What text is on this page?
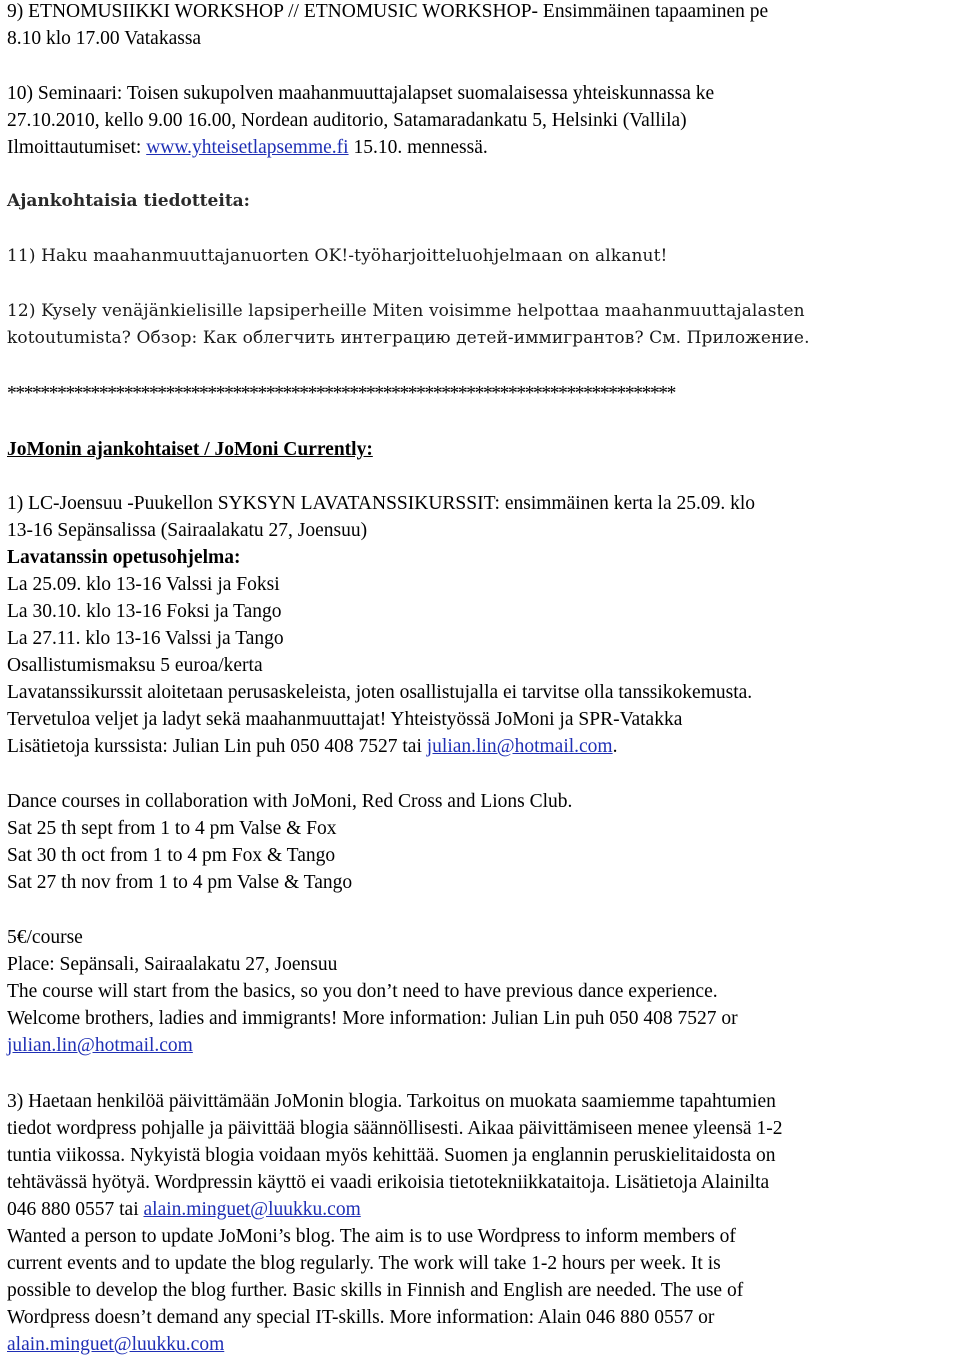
9) ETNOMUSIIKKI WORKSHOP // ETNOMUSIC WORKSHOP- Ensimmäinen tapaaminen pe
8.10 klo 17.00 Vatakassa
10) Seminaari: Toisen sukupolven maahanmuuttajalapset suomalaisessa yhteiskunnassa ke
27.10.2010, kello 9.00 16.00, Nordean auditorio, Satamaradankatu 5, Helsinki (Vallila)
Ilmoittautumiset: www.yhteisetlapsemme.fi 15.10. mennessä.
Ajankohtaisia tiedotteita:
11) Haku maahanmuuttajanuorten OK!-työharjoitteluohjelmaan on alkanut!
12) Kysely venäjänkielisille lapsiperheille Miten voisimme helpottaa maahanmuuttajalasten
kotoutumista? Обзор: Как облегчить интеграцию детей-иммигрантов? См. Приложение.
********************************************************************************
JoMonin ajankohtaiset / JoMoni Currently:
1) LC-Joensuu -Puukellon SYKSYN LAVATANSSIKURSSIT: ensimmäinen kerta la 25.09. klo
13-16 Sepänsalissa (Sairaalakatu 27, Joensuu)
Lavatanssin opetusohjelma:
La 25.09. klo 13-16 Valssi ja Foksi
La 30.10. klo 13-16 Foksi ja Tango
La 27.11. klo 13-16 Valssi ja Tango
Osallistumismaksu 5 euroa/kerta
Lavatanssikurssit aloitetaan perusaskeleista, joten osallistujalla ei tarvitse olla tanssikokemusta.
Tervetuloa veljet ja ladyt sekä maahanmuuttajat! Yhteistyössä JoMoni ja SPR-Vatakka
Lisätietoja kurssista: Julian Lin puh 050 408 7527 tai julian.lin@hotmail.com.
Dance courses in collaboration with JoMoni, Red Cross and Lions Club.
Sat 25 th sept from 1 to 4 pm Valse & Fox
Sat 30 th oct from 1 to 4 pm Fox & Tango
Sat 27 th nov from 1 to 4 pm Valse & Tango
5€/course
Place: Sepänsali, Sairaalakatu 27, Joensuu
The course will start from the basics, so you don’t need to have previous dance experience.
Welcome brothers, ladies and immigrants! More information: Julian Lin puh 050 408 7527 or
julian.lin@hotmail.com
3) Haetaan henkilöä päivittämään JoMonin blogia. Tarkoitus on muokata saamiemme tapahtumien
tiedot wordpress pohjalle ja päivittää blogia säännöllisesti. Aikaa päivittämiseen menee yleensä 1-2
tuntia viikossa. Nykyistä blogia voidaan myös kehittää. Suomen ja englannin peruskielitaidosta on
tehtävässä hyötyä. Wordpressin käyttö ei vaadi erikoisia tietotekniikkataitoja. Lisätietoja Alainilta
046 880 0557 tai alain.minguet@luukku.com
Wanted a person to update JoMoni’s blog. The aim is to use Wordpress to inform members of
current events and to update the blog regularly. The work will take 1-2 hours per week. It is
possible to develop the blog further. Basic skills in Finnish and English are needed. The use of
Wordpress doesn’t demand any special IT-skills. More information: Alain 046 880 0557 or
alain.minguet@luukku.com
